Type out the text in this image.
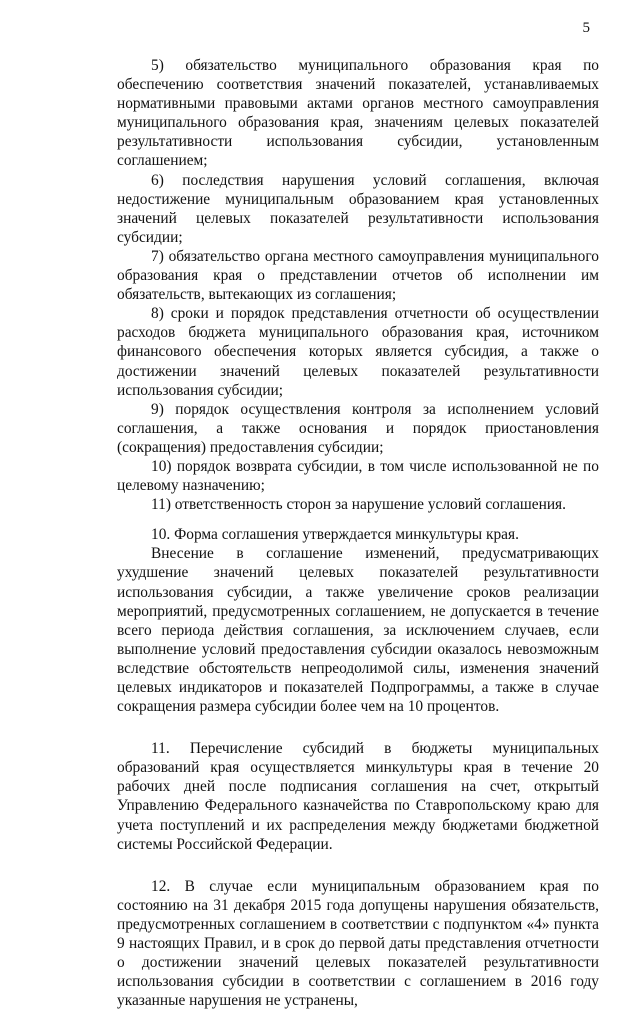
5

5) обязательство муниципального образования края по обеспечению соответствия значений показателей, устанавливаемых нормативными правовыми актами органов местного самоуправления муниципального образования края, значениям целевых показателей результативности использования субсидии, установленным соглашением;

6) последствия нарушения условий соглашения, включая недостижение муниципальным образованием края установленных значений целевых показателей результативности использования субсидии;

7) обязательство органа местного самоуправления муниципального образования края о представлении отчетов об исполнении им обязательств, вытекающих из соглашения;

8) сроки и порядок представления отчетности об осуществлении расходов бюджета муниципального образования края, источником финансового обеспечения которых является субсидия, а также о достижении значений целевых показателей результативности использования субсидии;

9) порядок осуществления контроля за исполнением условий соглашения, а также основания и порядок приостановления (сокращения) предоставления субсидии;

10) порядок возврата субсидии, в том числе использованной не по целевому назначению;

11) ответственность сторон за нарушение условий соглашения.

10. Форма соглашения утверждается минкультуры края.

Внесение в соглашение изменений, предусматривающих ухудшение значений целевых показателей результативности использования субсидии, а также увеличение сроков реализации мероприятий, предусмотренных соглашением, не допускается в течение всего периода действия соглашения, за исключением случаев, если выполнение условий предоставления субсидии оказалось невозможным вследствие обстоятельств непреодолимой силы, изменения значений целевых индикаторов и показателей Подпрограммы, а также в случае сокращения размера субсидии более чем на 10 процентов.

11. Перечисление субсидий в бюджеты муниципальных образований края осуществляется минкультуры края в течение 20 рабочих дней после подписания соглашения на счет, открытый Управлению Федерального казначейства по Ставропольскому краю для учета поступлений и их распределения между бюджетами бюджетной системы Российской Федерации.

12. В случае если муниципальным образованием края по состоянию на 31 декабря 2015 года допущены нарушения обязательств, предусмотренных соглашением в соответствии с подпунктом «4» пункта 9 настоящих Правил, и в срок до первой даты представления отчетности о достижении значений целевых показателей результативности использования субсидии в соответствии с соглашением в 2016 году указанные нарушения не устранены,
